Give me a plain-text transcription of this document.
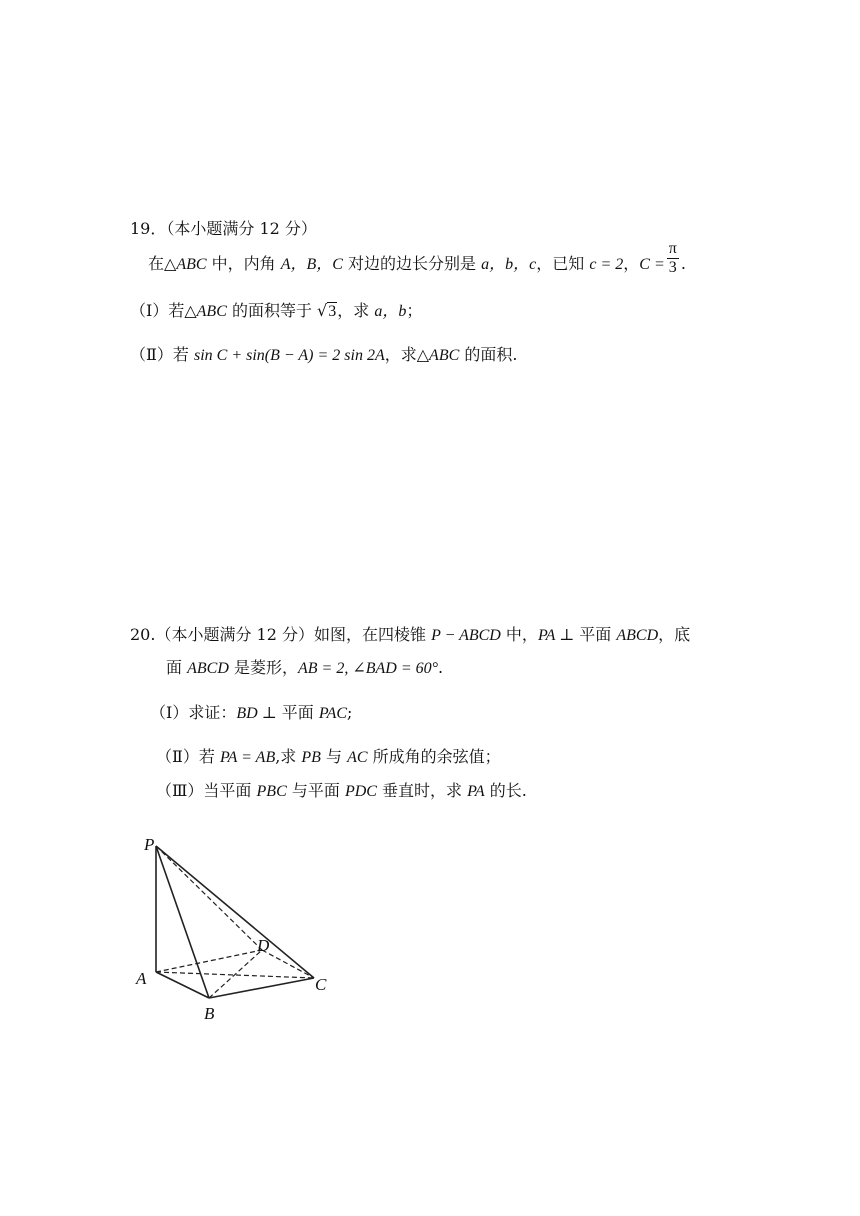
19．（本小题满分 12 分）
在△ABC 中，内角 A，B，C 对边的边长分别是 a，b，c，已知 c = 2，$C = \frac{\pi}{3}$ .
（Ⅰ）若△ABC 的面积等于 √3，求 a，b；
（Ⅱ）若 sin C + sin(B − A) = 2 sin 2A，求△ABC 的面积.
20.（本小题满分 12 分）如图，在四棱锥 P − ABCD 中，PA ⊥ 平面 ABCD，底
面 ABCD 是菱形，AB = 2, ∠BAD = 60°.
（Ⅰ）求证：BD ⊥ 平面 PAC;
（Ⅱ）若 PA = AB,求 PB 与 AC 所成角的余弦值；
（Ⅲ）当平面 PBC 与平面 PDC 垂直时，求 PA 的长.
P
A
B
C
D
